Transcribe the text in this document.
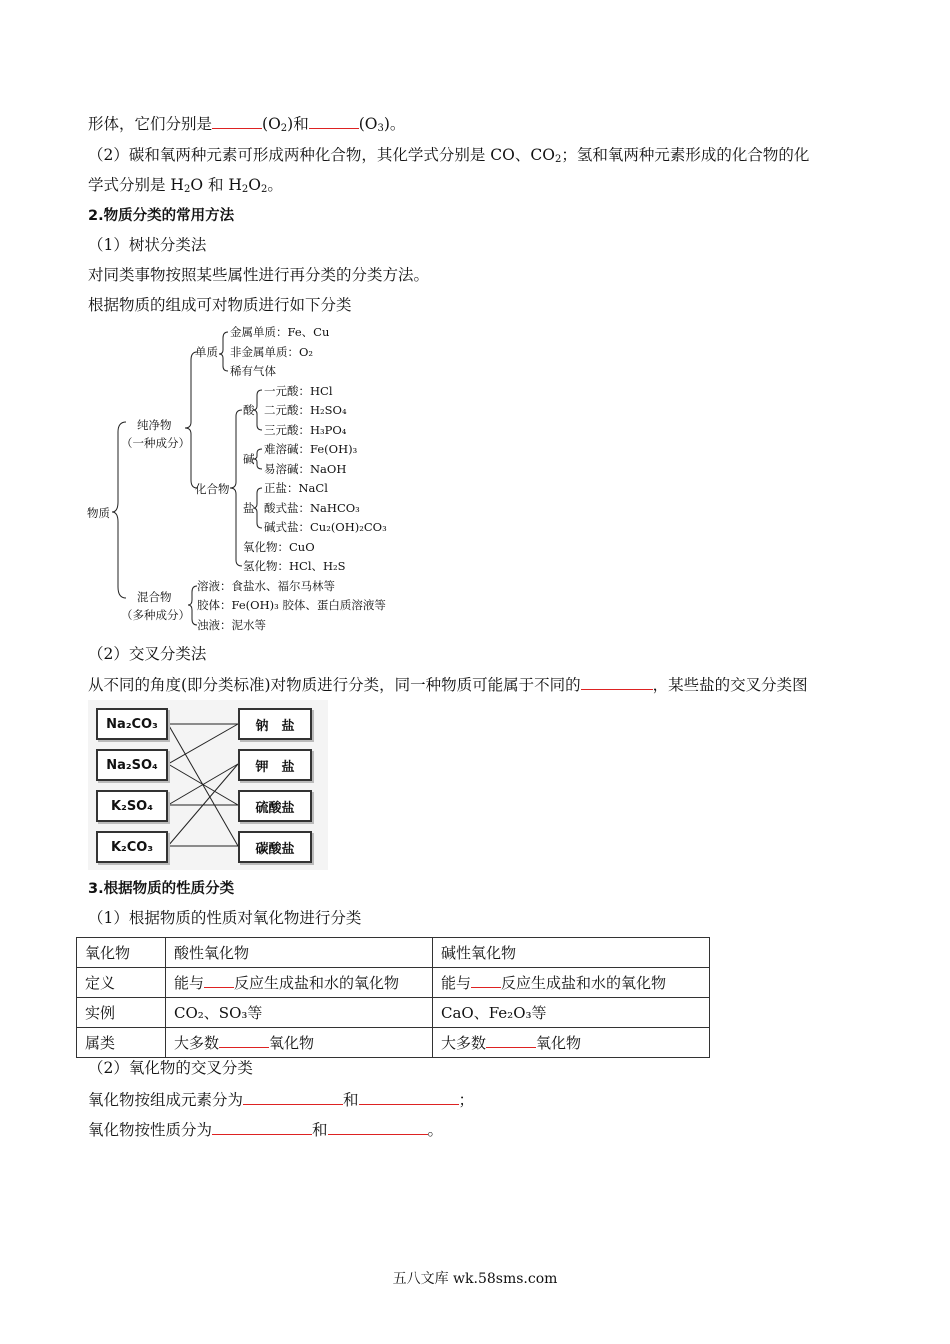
形体，它们分别是	$(O_2)$和	$(O_3)$。
（2）碳和氧两种元素可形成两种化合物，其化学式分别是 CO、$CO_2$；氢和氧两种元素形成的化合物的化
学式分别是 $H_2O$ 和 $H_2O_2$。
2.物质分类的常用方法
（1）树状分类法
对同类事物按照某些属性进行再分类的分类方法。
根据物质的组成可对物质进行如下分类
物质
纯净物
（一种成分）
混合物
（多种成分）
单质
化合物
金属单质：Fe、Cu
非金属单质：O₂
稀有气体
酸
一元酸：HCl
二元酸：H₂SO₄
三元酸：H₃PO₄
碱
难溶碱：Fe(OH)₃
易溶碱：NaOH
盐
正盐：NaCl
酸式盐：NaHCO₃
碱式盐：Cu₂(OH)₂CO₃
氧化物：CuO
氢化物：HCl、H₂S
溶液：食盐水、福尔马林等
胶体：Fe(OH)₃ 胶体、蛋白质溶液等
浊液：泥水等
（2）交叉分类法
从不同的角度(即分类标准)对物质进行分类，同一种物质可能属于不同的	，某些盐的交叉分类图
Na₂CO₃
Na₂SO₄
K₂SO₄
K₂CO₃
钠　盐
钾　盐
硫酸盐
碳酸盐
3.根据物质的性质分类
（1）根据物质的性质对氧化物进行分类
氧化物	酸性氧化物	碱性氧化物
定义	能与 反应生成盐和水的氧化物	能与 反应生成盐和水的氧化物
实例	CO₂、SO₃等	CaO、Fe₂O₃等
属类	大多数 氧化物	大多数 氧化物
（2）氧化物的交叉分类
氧化物按组成元素分为	和	；
氧化物按性质分为	和	。
五八文库 wk.58sms.com
